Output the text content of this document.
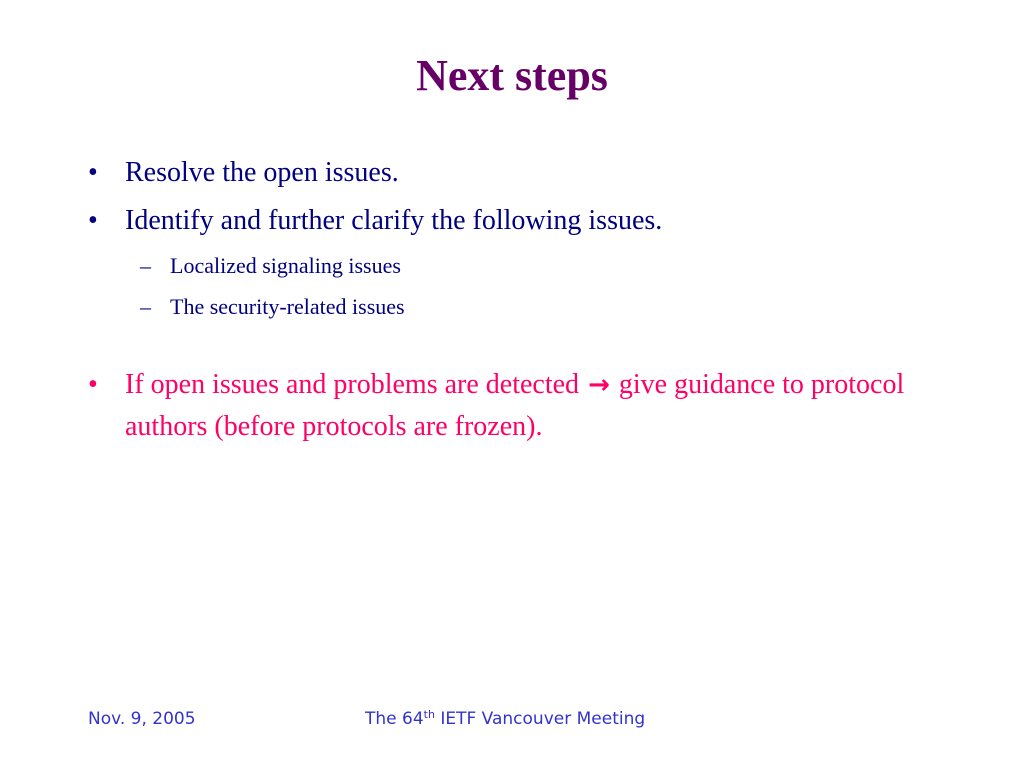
Next steps
• Resolve the open issues.
• Identify and further clarify the following issues.
– Localized signaling issues
– The security-related issues
• If open issues and problems are detected → give guidance to protocol authors (before protocols are frozen).
Nov. 9, 2005	The 64th IETF Vancouver Meeting
